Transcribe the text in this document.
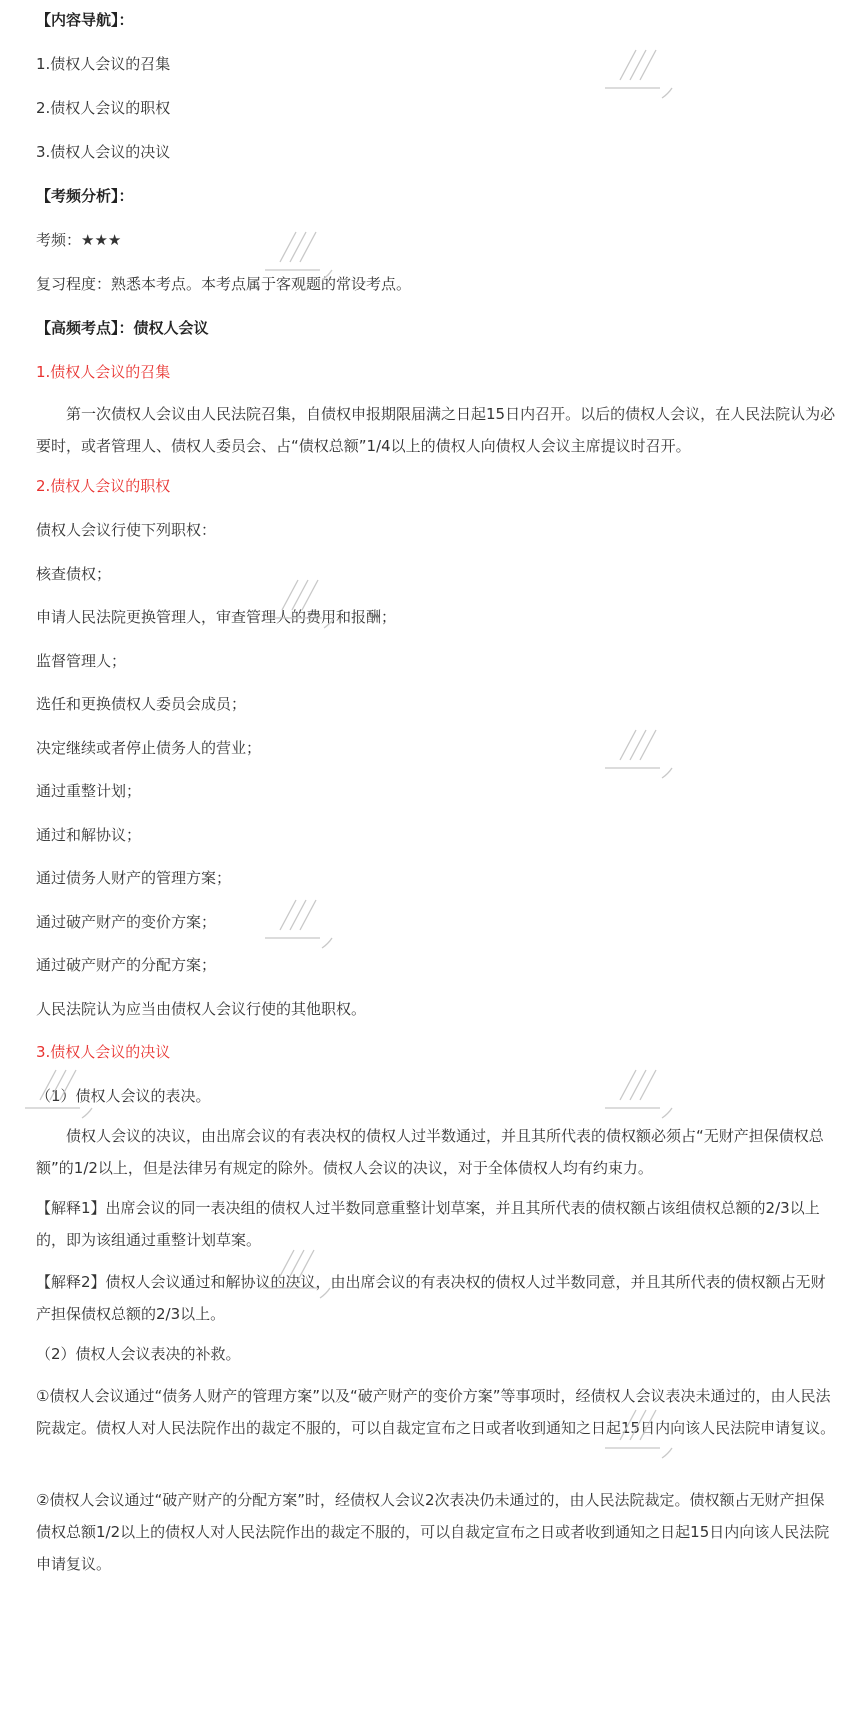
【内容导航】：
1.债权人会议的召集
2.债权人会议的职权
3.债权人会议的决议
【考频分析】：
考频：★★★
复习程度：熟悉本考点。本考点属于客观题的常设考点。
【高频考点】：债权人会议
1.债权人会议的召集
第一次债权人会议由人民法院召集，自债权申报期限届满之日起15日内召开。以后的债权人会议，在人民法院认为必要时，或者管理人、债权人委员会、占“债权总额”1/4以上的债权人向债权人会议主席提议时召开。
2.债权人会议的职权
债权人会议行使下列职权：
核查债权；
申请人民法院更换管理人，审查管理人的费用和报酬；
监督管理人；
选任和更换债权人委员会成员；
决定继续或者停止债务人的营业；
通过重整计划；
通过和解协议；
通过债务人财产的管理方案；
通过破产财产的变价方案；
通过破产财产的分配方案；
人民法院认为应当由债权人会议行使的其他职权。
3.债权人会议的决议
（1）债权人会议的表决。
债权人会议的决议，由出席会议的有表决权的债权人过半数通过，并且其所代表的债权额必须占“无财产担保债权总额”的1/2以上，但是法律另有规定的除外。债权人会议的决议，对于全体债权人均有约束力。
【解释1】出席会议的同一表决组的债权人过半数同意重整计划草案，并且其所代表的债权额占该组债权总额的2/3以上的，即为该组通过重整计划草案。
【解释2】债权人会议通过和解协议的决议，由出席会议的有表决权的债权人过半数同意，并且其所代表的债权额占无财产担保债权总额的2/3以上。
（2）债权人会议表决的补救。
①债权人会议通过“债务人财产的管理方案”以及“破产财产的变价方案”等事项时，经债权人会议表决未通过的，由人民法院裁定。债权人对人民法院作出的裁定不服的，可以自裁定宣布之日或者收到通知之日起15日内向该人民法院申请复议。
②债权人会议通过“破产财产的分配方案”时，经债权人会议2次表决仍未通过的，由人民法院裁定。债权额占无财产担保债权总额1/2以上的债权人对人民法院作出的裁定不服的，可以自裁定宣布之日或者收到通知之日起15日内向该人民法院申请复议。
